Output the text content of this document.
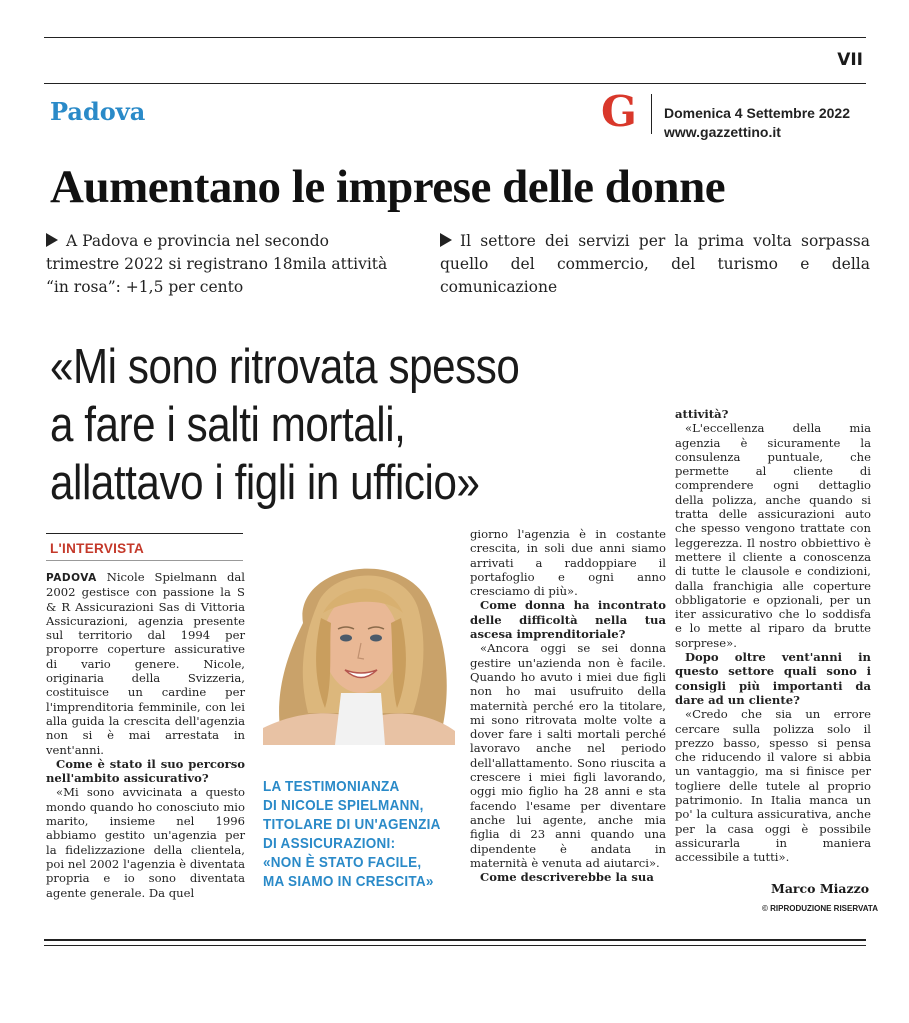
VII
Padova	G Domenica 4 Settembre 2022
www.gazzettino.it
Aumentano le imprese delle donne
A Padova e provincia nel secondo trimestre 2022 si registrano 18mila attività “in rosa”: +1,5 per cento
Il settore dei servizi per la prima volta sorpassa quello del commercio, del turismo e della comunicazione
«Mi sono ritrovata spesso
a fare i salti mortali,
allattavo i figli in ufficio»
L'INTERVISTA

PADOVA Nicole Spielmann dal 2002 gestisce con passione la S & R Assicurazioni Sas di Vittoria Assicurazioni, agenzia presente sul territorio dal 1994 per proporre coperture assicurative di vario genere. Nicole, originaria della Svizzeria, costituisce un cardine per l'imprenditoria femminile, con lei alla guida la crescita dell'agenzia non si è mai arrestata in vent'anni.

Come è stato il suo percorso nell'ambito assicurativo?

«Mi sono avvicinata a questo mondo quando ho conosciuto mio marito, insieme nel 1996 abbiamo gestito un'agenzia per la fidelizzazione della clientela, poi nel 2002 l'agenzia è diventata propria e io sono diventata agente generale. Da quel

LA TESTIMONIANZA
DI NICOLE SPIELMANN,
TITOLARE DI UN'AGENZIA
DI ASSICURAZIONI:
«NON È STATO FACILE,
MA SIAMO IN CRESCITA»

giorno l'agenzia è in costante crescita, in soli due anni siamo arrivati a raddoppiare il portafoglio e ogni anno cresciamo di più».

Come donna ha incontrato delle difficoltà nella tua ascesa imprenditoriale?

«Ancora oggi se sei donna gestire un'azienda non è facile. Quando ho avuto i miei due figli non ho mai usufruito della maternità perché ero la titolare, mi sono ritrovata molte volte a dover fare i salti mortali perché lavoravo anche nel periodo dell'allattamento. Sono riuscita a crescere i miei figli lavorando, oggi mio figlio ha 28 anni e sta facendo l'esame per diventare anche lui agente, anche mia figlia di 23 anni quando una dipendente è andata in maternità è venuta ad aiutarci».

Come descriverebbe la sua

attività?

«L'eccellenza della mia agenzia è sicuramente la consulenza puntuale, che permette al cliente di comprendere ogni dettaglio della polizza, anche quando si tratta delle assicurazioni auto che spesso vengono trattate con leggerezza. Il nostro obbiettivo è mettere il cliente a conoscenza di tutte le clausole e condizioni, dalla franchigia alle coperture obbligatorie e opzionali, per un iter assicurativo che lo soddisfa e lo mette al riparo da brutte sorprese».

Dopo oltre vent'anni in questo settore quali sono i consigli più importanti da dare ad un cliente?

«Credo che sia un errore cercare sulla polizza solo il prezzo basso, spesso si pensa che riducendo il valore si abbia un vantaggio, ma si finisce per togliere delle tutele al proprio patrimonio. In Italia manca un po' la cultura assicurativa, anche per la casa oggi è possibile assicurarla in maniera accessibile a tutti».

Marco Miazzo
© RIPRODUZIONE RISERVATA
